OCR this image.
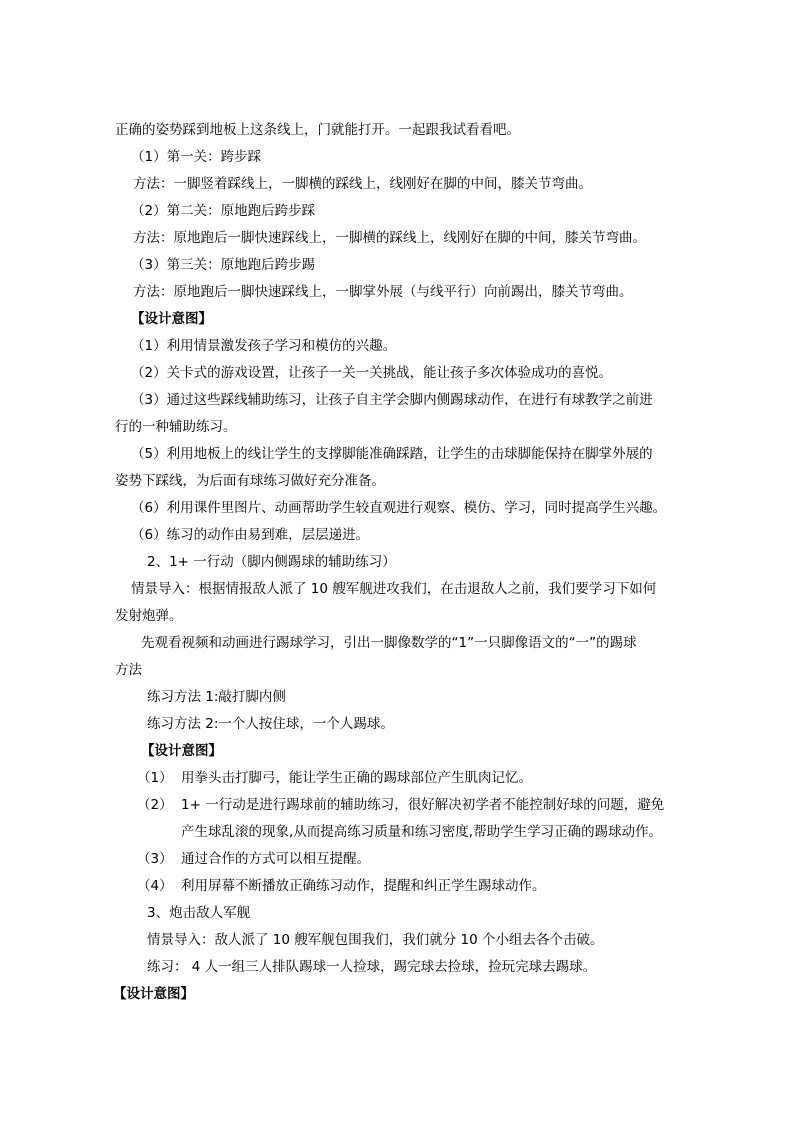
正确的姿势踩到地板上这条线上，门就能打开。一起跟我试看看吧。

（1）第一关：跨步踩

方法：一脚竖着踩线上，一脚横的踩线上，线刚好在脚的中间，膝关节弯曲。

（2）第二关：原地跑后跨步踩

方法：原地跑后一脚快速踩线上，一脚横的踩线上，线刚好在脚的中间，膝关节弯曲。

（3）第三关：原地跑后跨步踢

方法：原地跑后一脚快速踩线上，一脚掌外展（与线平行）向前踢出，膝关节弯曲。

【设计意图】

（1）利用情景激发孩子学习和模仿的兴趣。

（2）关卡式的游戏设置，让孩子一关一关挑战，能让孩子多次体验成功的喜悦。

（3）通过这些踩线辅助练习，让孩子自主学会脚内侧踢球动作，在进行有球教学之前进

行的一种辅助练习。

（5）利用地板上的线让学生的支撑脚能准确踩踏，让学生的击球脚能保持在脚掌外展的

姿势下踩线，为后面有球练习做好充分准备。

（6）利用课件里图片、动画帮助学生较直观进行观察、模仿、学习，同时提高学生兴趣。

（6）练习的动作由易到难，层层递进。

2、1+ 一行动（脚内侧踢球的辅助练习）

情景导入：根据情报敌人派了 10 艘军舰进攻我们，在击退敌人之前，我们要学习下如何

发射炮弹。

先观看视频和动画进行踢球学习，引出一脚像数学的“1”一只脚像语文的“一”的踢球

方法

练习方法 1:敲打脚内侧

练习方法 2:一个人按住球，一个人踢球。

【设计意图】

（1） 用拳头击打脚弓，能让学生正确的踢球部位产生肌肉记忆。

（2） 1+ 一行动是进行踢球前的辅助练习，很好解决初学者不能控制好球的问题，避免

产生球乱滚的现象,从而提高练习质量和练习密度,帮助学生学习正确的踢球动作。

（3） 通过合作的方式可以相互提醒。

（4） 利用屏幕不断播放正确练习动作，提醒和纠正学生踢球动作。

3、炮击敌人军舰

情景导入：敌人派了 10 艘军舰包围我们，我们就分 10 个小组去各个击破。

练习： 4 人一组三人排队踢球一人捡球，踢完球去捡球，捡玩完球去踢球。

【设计意图】
